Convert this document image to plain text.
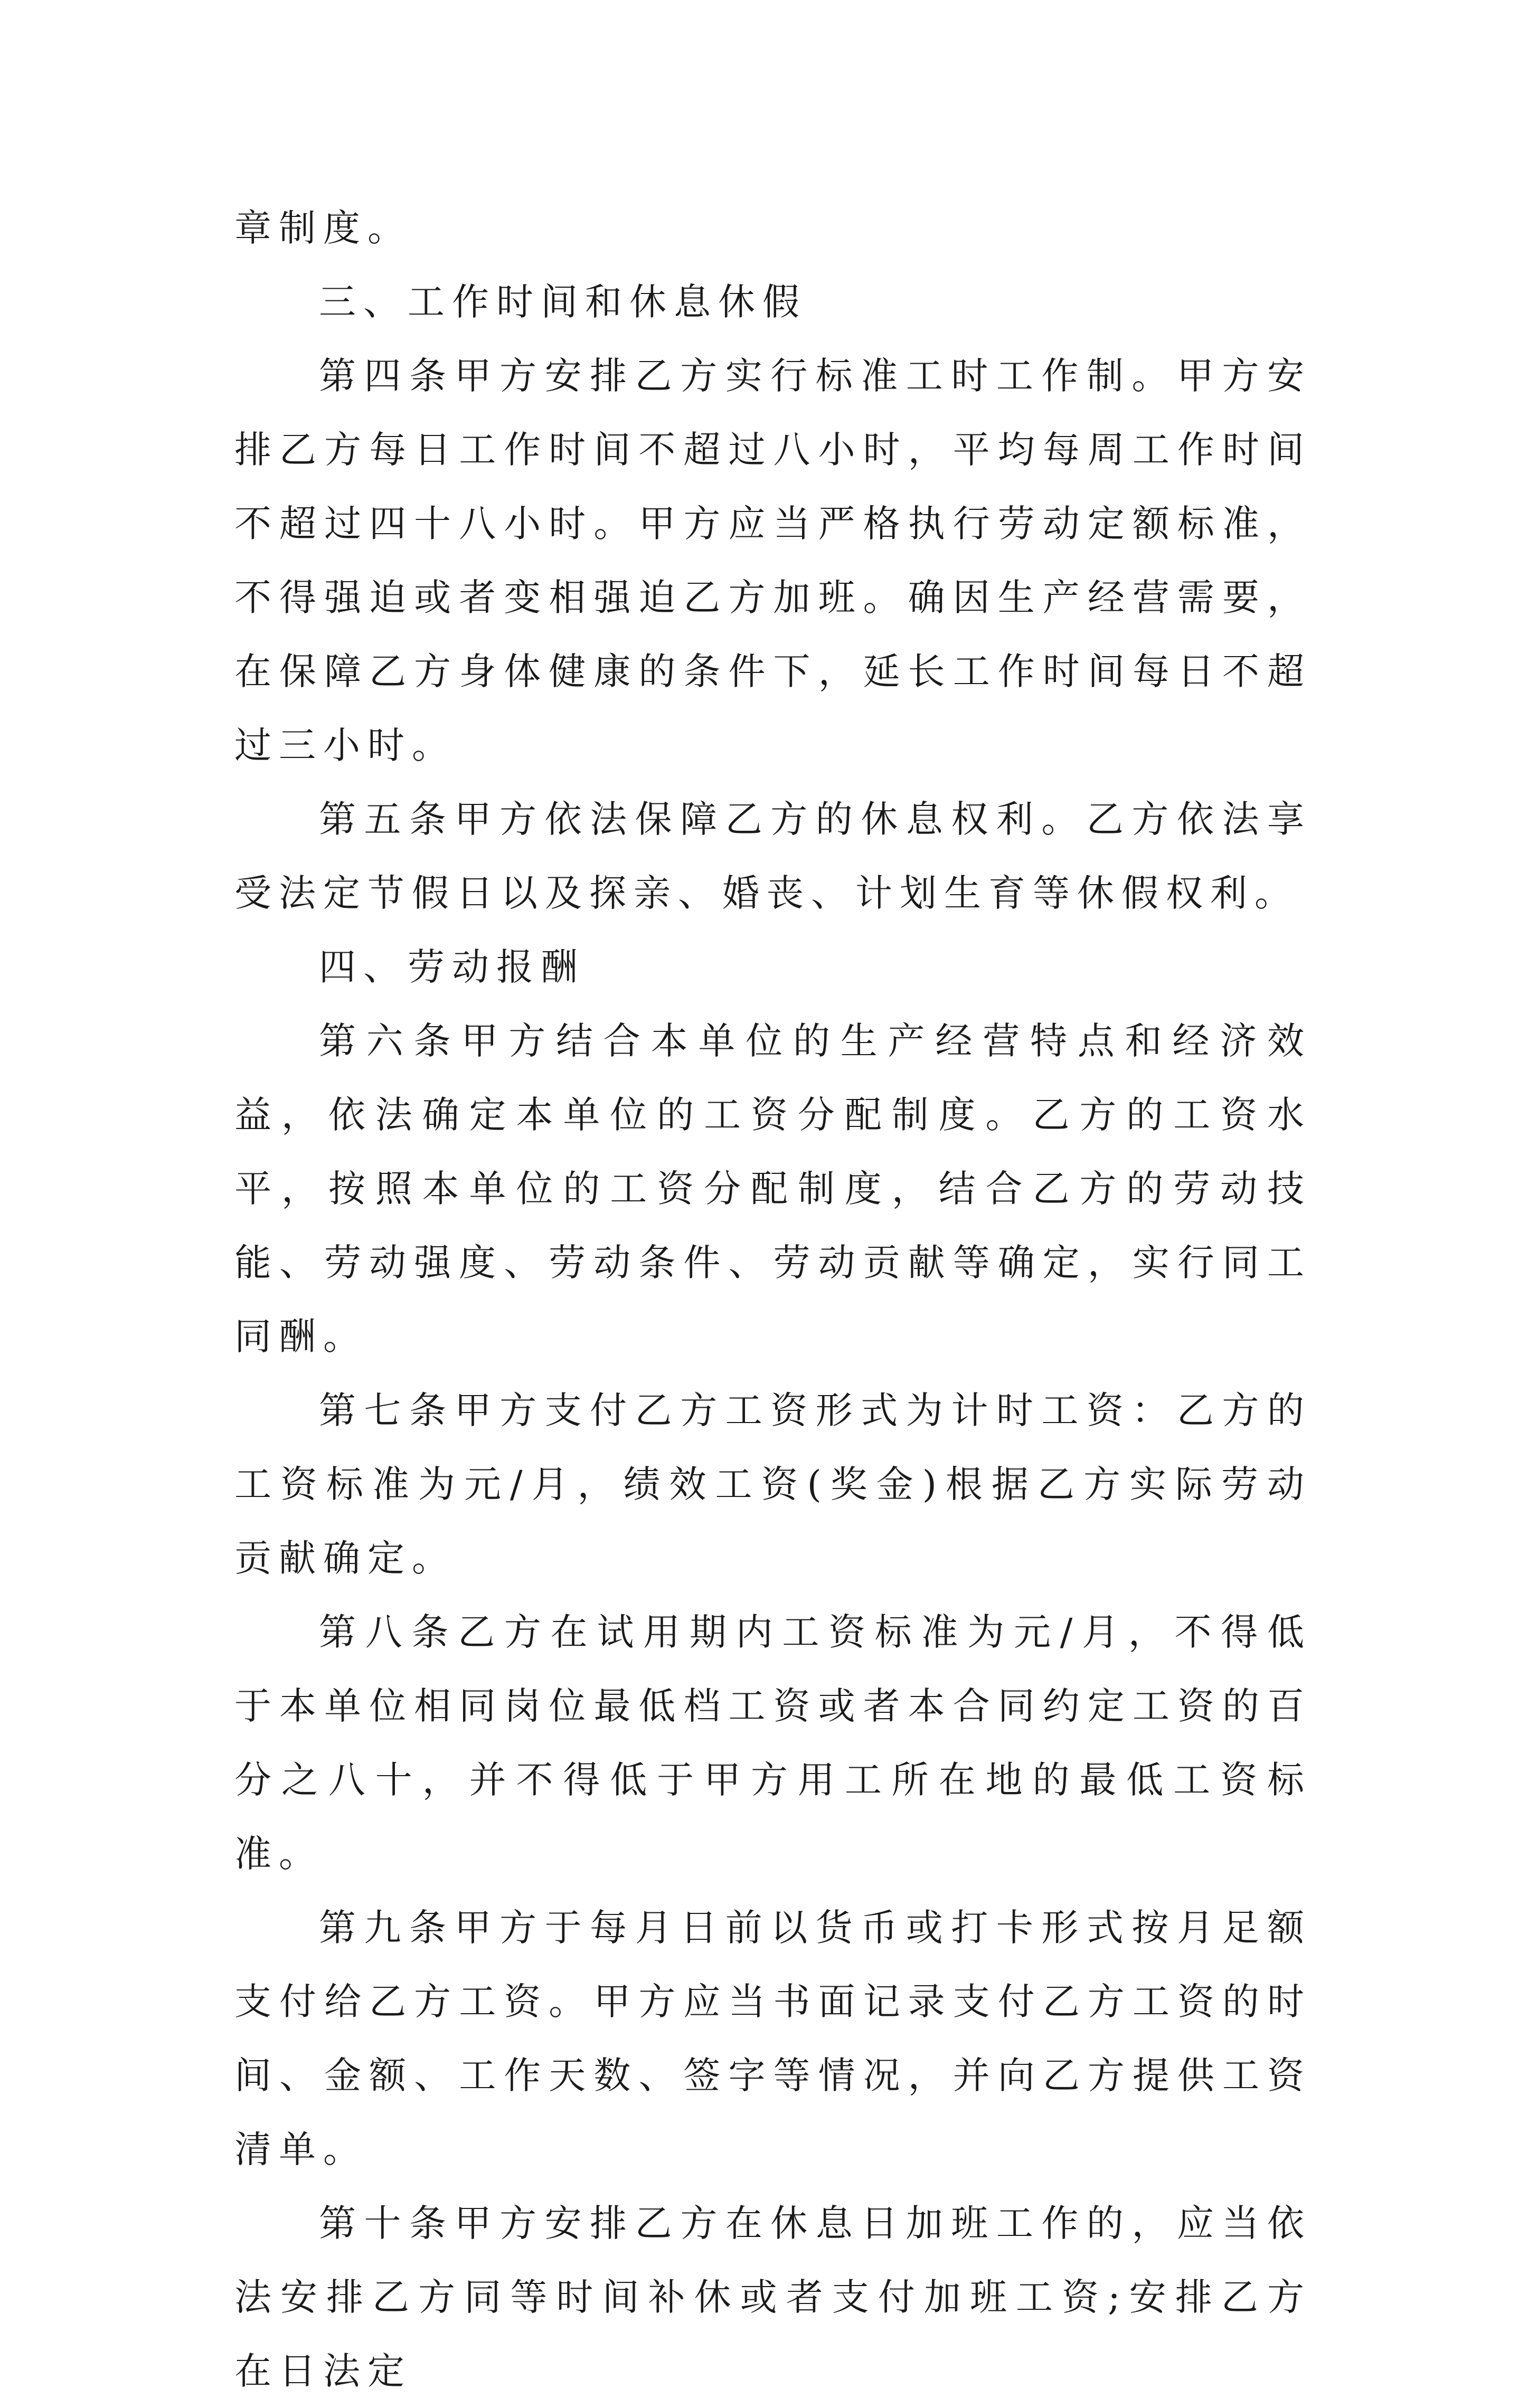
章制度。

三、工作时间和休息休假

第四条甲方安排乙方实行标准工时工作制。甲方安排乙方每日工作时间不超过八小时，平均每周工作时间不超过四十八小时。甲方应当严格执行劳动定额标准，不得强迫或者变相强迫乙方加班。确因生产经营需要，在保障乙方身体健康的条件下，延长工作时间每日不超过三小时。

第五条甲方依法保障乙方的休息权利。乙方依法享受法定节假日以及探亲、婚丧、计划生育等休假权利。

四、劳动报酬

第六条甲方结合本单位的生产经营特点和经济效益，依法确定本单位的工资分配制度。乙方的工资水平，按照本单位的工资分配制度，结合乙方的劳动技能、劳动强度、劳动条件、劳动贡献等确定，实行同工同酬。

第七条甲方支付乙方工资形式为计时工资：乙方的工资标准为元/月，绩效工资(奖金)根据乙方实际劳动贡献确定。

第八条乙方在试用期内工资标准为元/月，不得低于本单位相同岗位最低档工资或者本合同约定工资的百分之八十，并不得低于甲方用工所在地的最低工资标准。

第九条甲方于每月日前以货币或打卡形式按月足额支付给乙方工资。甲方应当书面记录支付乙方工资的时间、金额、工作天数、签字等情况，并向乙方提供工资清单。

第十条甲方安排乙方在休息日加班工作的，应当依法安排乙方同等时间补休或者支付加班工资;安排乙方在日法定
